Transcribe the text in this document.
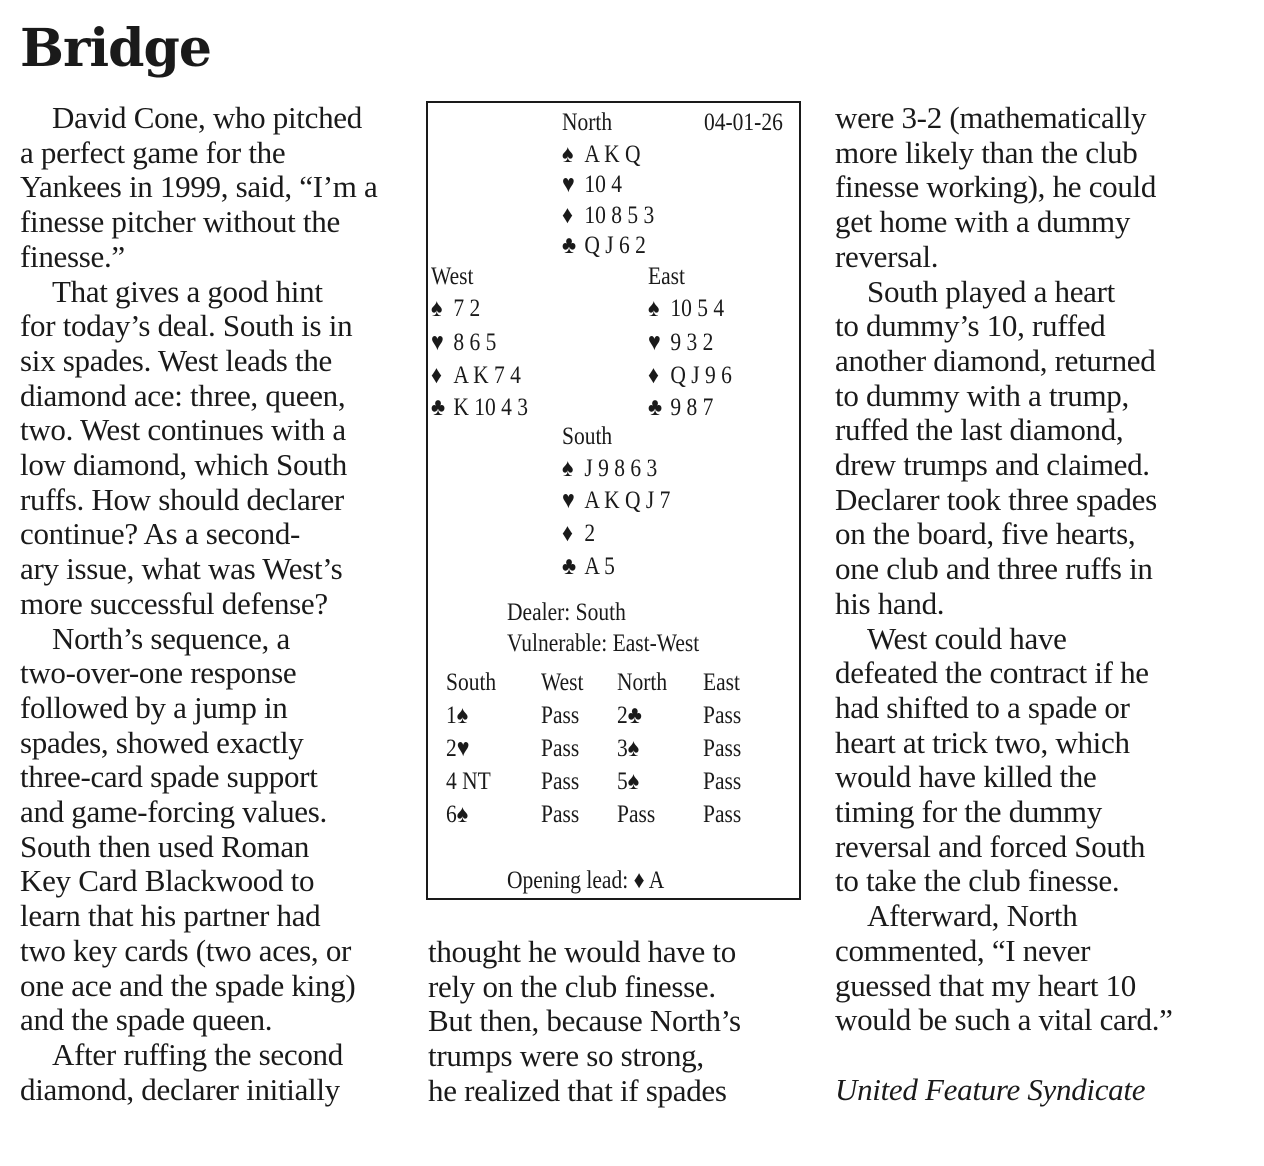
Bridge
David Cone, who pitched
a perfect game for the
Yankees in 1999, said, “I’m a
finesse pitcher without the
finesse.”
That gives a good hint
for today’s deal. South is in
six spades. West leads the
diamond ace: three, queen,
two. West continues with a
low diamond, which South
ruffs. How should declarer
continue? As a second-
ary issue, what was West’s
more successful defense?
North’s sequence, a
two-over-one response
followed by a jump in
spades, showed exactly
three-card spade support
and game-forcing values.
South then used Roman
Key Card Blackwood to
learn that his partner had
two key cards (two aces, or
one ace and the spade king)
and the spade queen.
After ruffing the second
diamond, declarer initially
North	04-01-26
♠ A K Q
♥ 10 4
♦ 10 8 5 3
♣ Q J 6 2
West	East
♠ 7 2
♥ 8 6 5
♦ A K 7 4
♣ K 10 4 3
♠ 10 5 4
♥ 9 3 2
♦ Q J 9 6
♣ 9 8 7
South
♠ J 9 8 6 3
♥ A K Q J 7
♦ 2
♣ A 5
Dealer: South
Vulnerable: East-West
South West North East
1♠	Pass 2♣ Pass
2♥	Pass 3♠	Pass
4 NT Pass 5♠	Pass
6♠	Pass Pass Pass
Opening lead: ♦ A
thought he would have to
rely on the club finesse.
But then, because North’s
trumps were so strong,
he realized that if spades
were 3-2 (mathematically
more likely than the club
finesse working), he could
get home with a dummy
reversal.
South played a heart
to dummy’s 10, ruffed
another diamond, returned
to dummy with a trump,
ruffed the last diamond,
drew trumps and claimed.
Declarer took three spades
on the board, five hearts,
one club and three ruffs in
his hand.
West could have
defeated the contract if he
had shifted to a spade or
heart at trick two, which
would have killed the
timing for the dummy
reversal and forced South
to take the club finesse.
Afterward, North
commented, “I never
guessed that my heart 10
would be such a vital card.”

United Feature Syndicate
